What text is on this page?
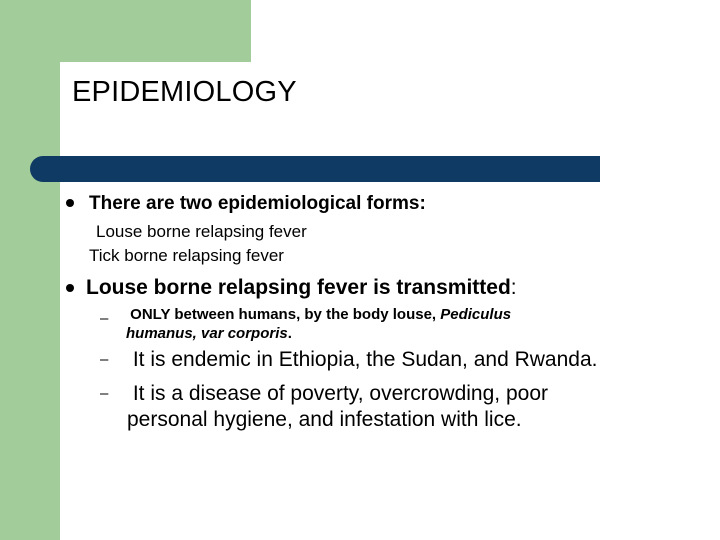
EPIDEMIOLOGY
There are two epidemiological forms:
Louse borne relapsing fever
Tick borne relapsing fever
Louse borne relapsing fever is transmitted:
– ONLY between humans, by the body louse, Pediculus
humanus, var corporis.
– It is endemic in Ethiopia, the Sudan, and Rwanda.
– It is a disease of poverty, overcrowding, poor
personal hygiene, and infestation with lice.
